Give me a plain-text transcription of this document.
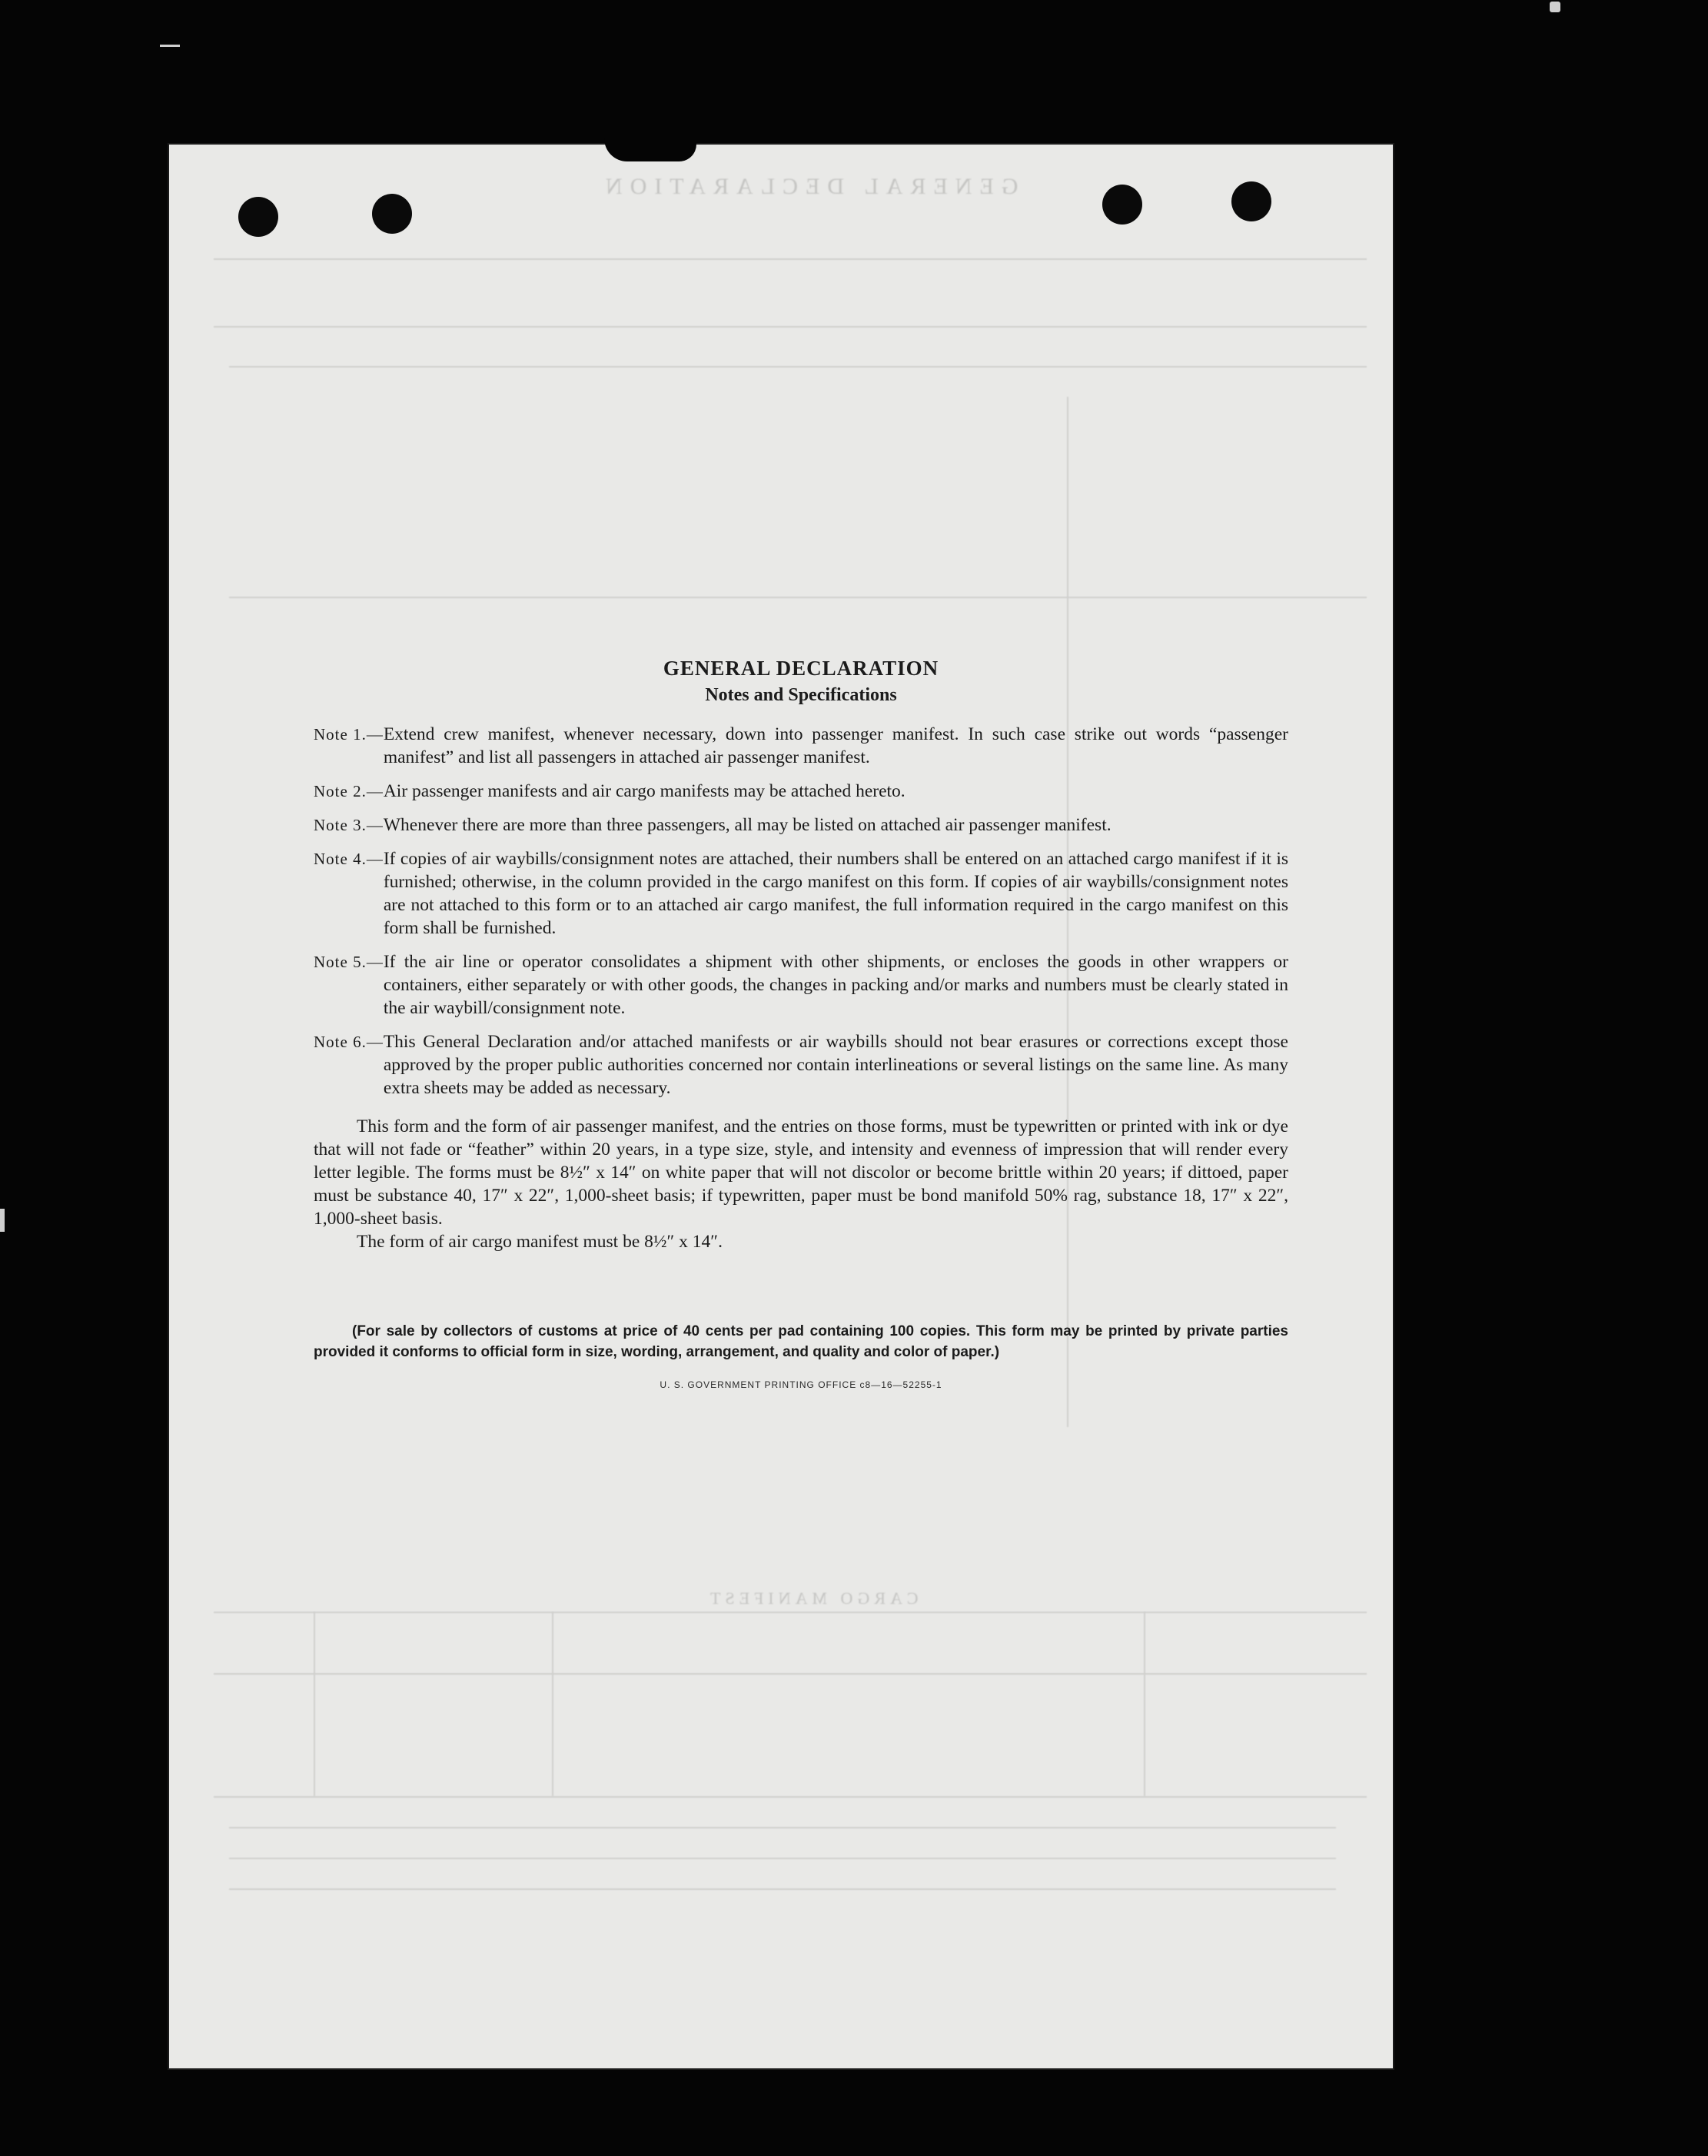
GENERAL DECLARATION
CARGO MANIFEST
GENERAL DECLARATION
Notes and Specifications
Note 1.— Extend crew manifest, whenever necessary, down into passenger manifest. In such case strike out words “passenger manifest” and list all passengers in attached air passenger manifest.
Note 2.— Air passenger manifests and air cargo manifests may be attached hereto.
Note 3.— Whenever there are more than three passengers, all may be listed on attached air passenger manifest.
Note 4.— If copies of air waybills/consignment notes are attached, their numbers shall be entered on an attached cargo manifest if it is furnished; otherwise, in the column provided in the cargo manifest on this form. If copies of air waybills/consignment notes are not attached to this form or to an attached air cargo manifest, the full information required in the cargo manifest on this form shall be furnished.
Note 5.— If the air line or operator consolidates a shipment with other shipments, or encloses the goods in other wrappers or containers, either separately or with other goods, the changes in packing and/or marks and numbers must be clearly stated in the air waybill/consignment note.
Note 6.— This General Declaration and/or attached manifests or air waybills should not bear erasures or corrections except those approved by the proper public authorities concerned nor contain interlineations or several listings on the same line. As many extra sheets may be added as necessary.

This form and the form of air passenger manifest, and the entries on those forms, must be typewritten or printed with ink or dye that will not fade or “feather” within 20 years, in a type size, style, and intensity and evenness of impression that will render every letter legible. The forms must be 8½″ x 14″ on white paper that will not discolor or become brittle within 20 years; if dittoed, paper must be substance 40, 17″ x 22″, 1,000-sheet basis; if typewritten, paper must be bond manifold 50% rag, substance 18, 17″ x 22″, 1,000-sheet basis.

The form of air cargo manifest must be 8½″ x 14″.

(For sale by collectors of customs at price of 40 cents per pad containing 100 copies. This form may be printed by private parties provided it conforms to official form in size, wording, arrangement, and quality and color of paper.)

U. S. GOVERNMENT PRINTING OFFICE c8—16—52255-1
